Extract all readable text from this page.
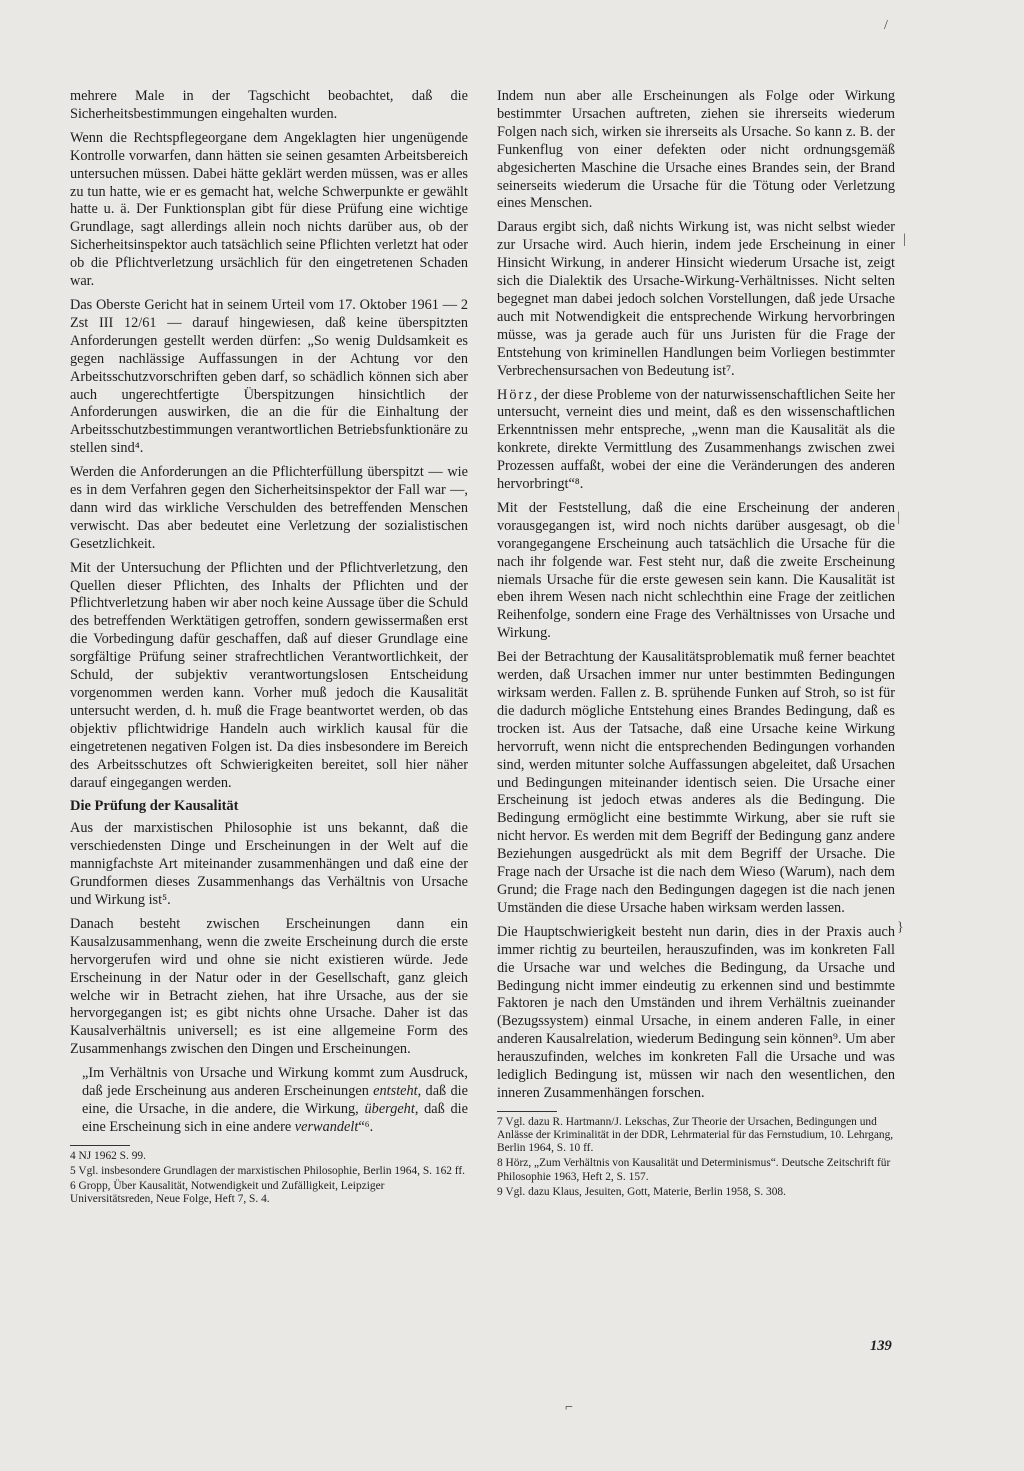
mehrere Male in der Tagschicht beobachtet, daß die Sicherheitsbestimmungen eingehalten wurden.

Wenn die Rechtspflegeorgane dem Angeklagten hier ungenügende Kontrolle vorwarfen, dann hätten sie seinen gesamten Arbeitsbereich untersuchen müssen. Dabei hätte geklärt werden müssen, was er alles zu tun hatte, wie er es gemacht hat, welche Schwerpunkte er gewählt hatte u. ä. Der Funktionsplan gibt für diese Prüfung eine wichtige Grundlage, sagt allerdings allein noch nichts darüber aus, ob der Sicherheitsinspektor auch tatsächlich seine Pflichten verletzt hat oder ob die Pflichtverletzung ursächlich für den eingetretenen Schaden war.

Das Oberste Gericht hat in seinem Urteil vom 17. Oktober 1961 — 2 Zst III 12/61 — darauf hingewiesen, daß keine überspitzten Anforderungen gestellt werden dürfen: „So wenig Duldsamkeit es gegen nachlässige Auffassungen in der Achtung vor den Arbeitsschutzvorschriften geben darf, so schädlich können sich aber auch ungerechtfertigte Überspitzungen hinsichtlich der Anforderungen auswirken, die an die für die Einhaltung der Arbeitsschutzbestimmungen verantwortlichen Betriebsfunktionäre zu stellen sind⁴.

Werden die Anforderungen an die Pflichterfüllung überspitzt — wie es in dem Verfahren gegen den Sicherheitsinspektor der Fall war —, dann wird das wirkliche Verschulden des betreffenden Menschen verwischt. Das aber bedeutet eine Verletzung der sozialistischen Gesetzlichkeit.

Mit der Untersuchung der Pflichten und der Pflichtverletzung, den Quellen dieser Pflichten, des Inhalts der Pflichten und der Pflichtverletzung haben wir aber noch keine Aussage über die Schuld des betreffenden Werktätigen getroffen, sondern gewissermaßen erst die Vorbedingung dafür geschaffen, daß auf dieser Grundlage eine sorgfältige Prüfung seiner strafrechtlichen Verantwortlichkeit, der Schuld, der subjektiv verantwortungslosen Entscheidung vorgenommen werden kann. Vorher muß jedoch die Kausalität untersucht werden, d. h. muß die Frage beantwortet werden, ob das objektiv pflichtwidrige Handeln auch wirklich kausal für die eingetretenen negativen Folgen ist. Da dies insbesondere im Bereich des Arbeitsschutzes oft Schwierigkeiten bereitet, soll hier näher darauf eingegangen werden.

Die Prüfung der Kausalität

Aus der marxistischen Philosophie ist uns bekannt, daß die verschiedensten Dinge und Erscheinungen in der Welt auf die mannigfachste Art miteinander zusammenhängen und daß eine der Grundformen dieses Zusammenhangs das Verhältnis von Ursache und Wirkung ist⁵.

Danach besteht zwischen Erscheinungen dann ein Kausalzusammenhang, wenn die zweite Erscheinung durch die erste hervorgerufen wird und ohne sie nicht existieren würde. Jede Erscheinung in der Natur oder in der Gesellschaft, ganz gleich welche wir in Betracht ziehen, hat ihre Ursache, aus der sie hervorgegangen ist; es gibt nichts ohne Ursache. Daher ist das Kausalverhältnis universell; es ist eine allgemeine Form des Zusammenhangs zwischen den Dingen und Erscheinungen.

„Im Verhältnis von Ursache und Wirkung kommt zum Ausdruck, daß jede Erscheinung aus anderen Erscheinungen entsteht, daß die eine, die Ursache, in die andere, die Wirkung, übergeht, daß die eine Erscheinung sich in eine andere verwandelt“⁶.

4 NJ 1962 S. 99.

5 Vgl. insbesondere Grundlagen der marxistischen Philosophie, Berlin 1964, S. 162 ff.

6 Gropp, Über Kausalität, Notwendigkeit und Zufälligkeit, Leipziger Universitätsreden, Neue Folge, Heft 7, S. 4.

Indem nun aber alle Erscheinungen als Folge oder Wirkung bestimmter Ursachen auftreten, ziehen sie ihrerseits wiederum Folgen nach sich, wirken sie ihrerseits als Ursache. So kann z. B. der Funkenflug von einer defekten oder nicht ordnungsgemäß abgesicherten Maschine die Ursache eines Brandes sein, der Brand seinerseits wiederum die Ursache für die Tötung oder Verletzung eines Menschen.

Daraus ergibt sich, daß nichts Wirkung ist, was nicht selbst wieder zur Ursache wird. Auch hierin, indem jede Erscheinung in einer Hinsicht Wirkung, in anderer Hinsicht wiederum Ursache ist, zeigt sich die Dialektik des Ursache-Wirkung-Verhältnisses. Nicht selten begegnet man dabei jedoch solchen Vorstellungen, daß jede Ursache auch mit Notwendigkeit die entsprechende Wirkung hervorbringen müsse, was ja gerade auch für uns Juristen für die Frage der Entstehung von kriminellen Handlungen beim Vorliegen bestimmter Verbrechensursachen von Bedeutung ist⁷.

Hörz, der diese Probleme von der naturwissenschaftlichen Seite her untersucht, verneint dies und meint, daß es den wissenschaftlichen Erkenntnissen mehr entspreche, „wenn man die Kausalität als die konkrete, direkte Vermittlung des Zusammenhangs zwischen zwei Prozessen auffaßt, wobei der eine die Veränderungen des anderen hervorbringt“⁸.

Mit der Feststellung, daß die eine Erscheinung der anderen vorausgegangen ist, wird noch nichts darüber ausgesagt, ob die vorangegangene Erscheinung auch tatsächlich die Ursache für die nach ihr folgende war. Fest steht nur, daß die zweite Erscheinung niemals Ursache für die erste gewesen sein kann. Die Kausalität ist eben ihrem Wesen nach nicht schlechthin eine Frage der zeitlichen Reihenfolge, sondern eine Frage des Verhältnisses von Ursache und Wirkung.

Bei der Betrachtung der Kausalitätsproblematik muß ferner beachtet werden, daß Ursachen immer nur unter bestimmten Bedingungen wirksam werden. Fallen z. B. sprühende Funken auf Stroh, so ist für die dadurch mögliche Entstehung eines Brandes Bedingung, daß es trocken ist. Aus der Tatsache, daß eine Ursache keine Wirkung hervorruft, wenn nicht die entsprechenden Bedingungen vorhanden sind, werden mitunter solche Auffassungen abgeleitet, daß Ursachen und Bedingungen miteinander identisch seien. Die Ursache einer Erscheinung ist jedoch etwas anderes als die Bedingung. Die Bedingung ermöglicht eine bestimmte Wirkung, aber sie ruft sie nicht hervor. Es werden mit dem Begriff der Bedingung ganz andere Beziehungen ausgedrückt als mit dem Begriff der Ursache. Die Frage nach der Ursache ist die nach dem Wieso (Warum), nach dem Grund; die Frage nach den Bedingungen dagegen ist die nach jenen Umständen die diese Ursache haben wirksam werden lassen.

Die Hauptschwierigkeit besteht nun darin, dies in der Praxis auch immer richtig zu beurteilen, herauszufinden, was im konkreten Fall die Ursache war und welches die Bedingung, da Ursache und Bedingung nicht immer eindeutig zu erkennen sind und bestimmte Faktoren je nach den Umständen und ihrem Verhältnis zueinander (Bezugssystem) einmal Ursache, in einem anderen Falle, in einer anderen Kausalrelation, wiederum Bedingung sein können⁹. Um aber herauszufinden, welches im konkreten Fall die Ursache und was lediglich Bedingung ist, müssen wir nach den wesentlichen, den inneren Zusammenhängen forschen.

7 Vgl. dazu R. Hartmann/J. Lekschas, Zur Theorie der Ursachen, Bedingungen und Anlässe der Kriminalität in der DDR, Lehrmaterial für das Fernstudium, 10. Lehrgang, Berlin 1964, S. 10 ff.

8 Hörz, „Zum Verhältnis von Kausalität und Determinismus“. Deutsche Zeitschrift für Philosophie 1963, Heft 2, S. 157.

9 Vgl. dazu Klaus, Jesuiten, Gott, Materie, Berlin 1958, S. 308.

139
/
|
|
}
⌐
